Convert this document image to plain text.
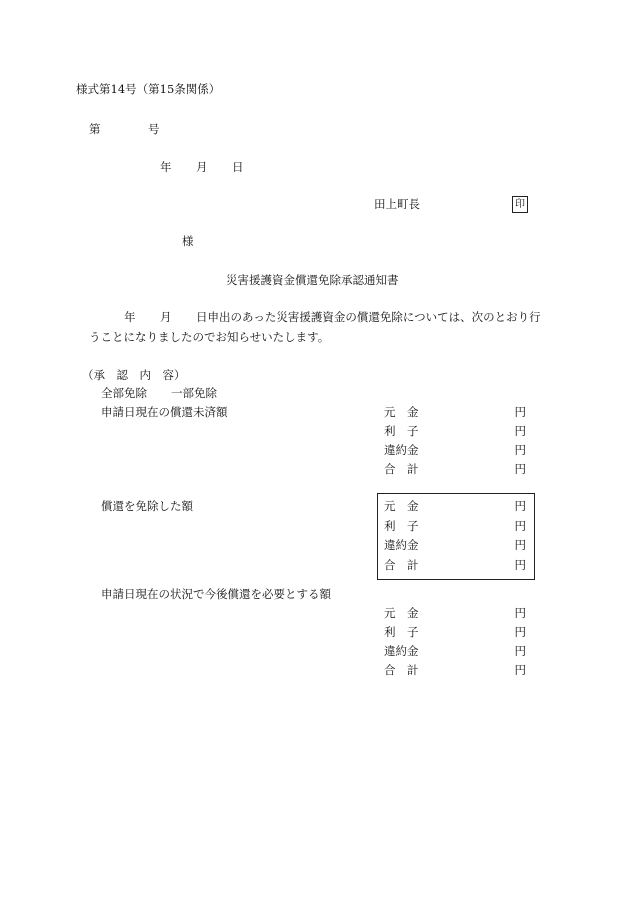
様式第14号（第15条関係）
第	号
年 月 日
田上町長	印
様
災害援護資金償還免除承認通知書
年 月 日申出のあった災害援護資金の償還免除については、次のとおり行
うことになりましたのでお知らせいたします。
（承　認　内　容）
全部免除 一部免除
申請日現在の償還未済額	元　金	円
利　子	円
違約金	円
合　計	円
償還を免除した額	元　金	円
利　子	円
違約金	円
合　計	円
申請日現在の状況で今後償還を必要とする額
元　金	円
利　子	円
違約金	円
合　計	円
